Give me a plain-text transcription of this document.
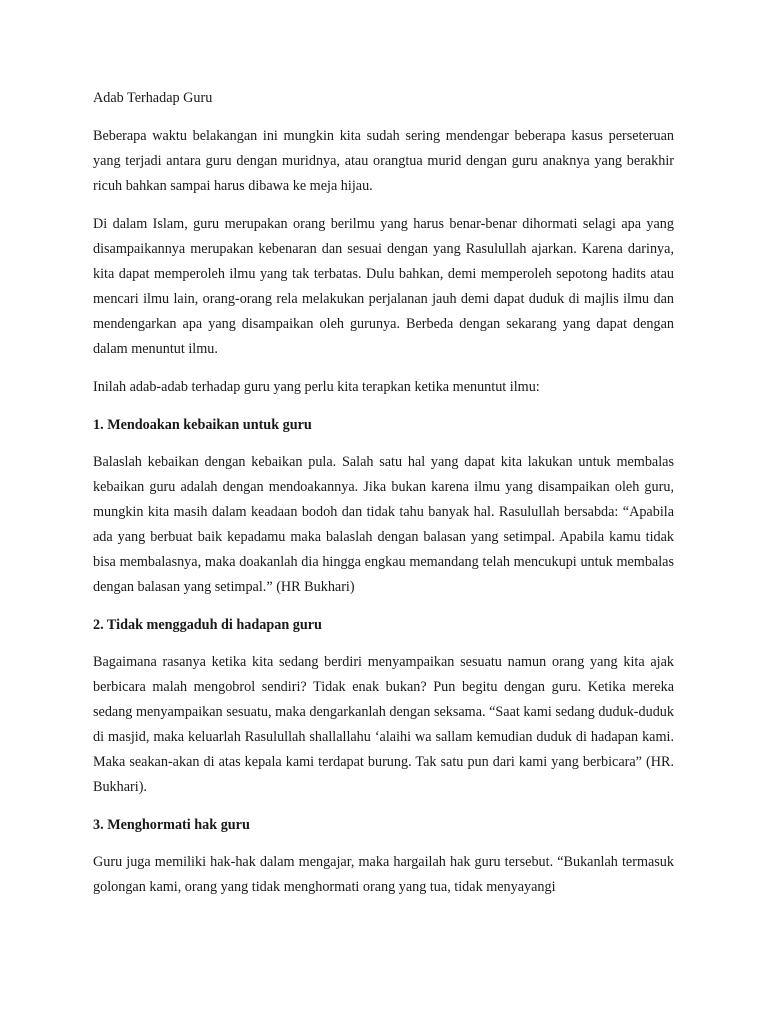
Adab Terhadap Guru

Beberapa waktu belakangan ini mungkin kita sudah sering mendengar beberapa kasus perseteruan yang terjadi antara guru dengan muridnya, atau orangtua murid dengan guru anaknya yang berakhir ricuh bahkan sampai harus dibawa ke meja hijau.

Di dalam Islam, guru merupakan orang berilmu yang harus benar-benar dihormati selagi apa yang disampaikannya merupakan kebenaran dan sesuai dengan yang Rasulullah ajarkan. Karena darinya, kita dapat memperoleh ilmu yang tak terbatas. Dulu bahkan, demi memperoleh sepotong hadits atau mencari ilmu lain, orang-orang rela melakukan perjalanan jauh demi dapat duduk di majlis ilmu dan mendengarkan apa yang disampaikan oleh gurunya. Berbeda dengan sekarang yang dapat dengan dalam menuntut ilmu.

Inilah adab-adab terhadap guru yang perlu kita terapkan ketika menuntut ilmu:

1. Mendoakan kebaikan untuk guru

Balaslah kebaikan dengan kebaikan pula. Salah satu hal yang dapat kita lakukan untuk membalas kebaikan guru adalah dengan mendoakannya. Jika bukan karena ilmu yang disampaikan oleh guru, mungkin kita masih dalam keadaan bodoh dan tidak tahu banyak hal. Rasulullah bersabda: “Apabila ada yang berbuat baik kepadamu maka balaslah dengan balasan yang setimpal. Apabila kamu tidak bisa membalasnya, maka doakanlah dia hingga engkau memandang telah mencukupi untuk membalas dengan balasan yang setimpal.” (HR Bukhari)

2. Tidak menggaduh di hadapan guru

Bagaimana rasanya ketika kita sedang berdiri menyampaikan sesuatu namun orang yang kita ajak berbicara malah mengobrol sendiri? Tidak enak bukan? Pun begitu dengan guru. Ketika mereka sedang menyampaikan sesuatu, maka dengarkanlah dengan seksama. “Saat kami sedang duduk-duduk di masjid, maka keluarlah Rasulullah shallallahu ‘alaihi wa sallam kemudian duduk di hadapan kami. Maka seakan-akan di atas kepala kami terdapat burung. Tak satu pun dari kami yang berbicara” (HR. Bukhari).

3. Menghormati hak guru

Guru juga memiliki hak-hak dalam mengajar, maka hargailah hak guru tersebut. “Bukanlah termasuk golongan kami, orang yang tidak menghormati orang yang tua, tidak menyayangi
